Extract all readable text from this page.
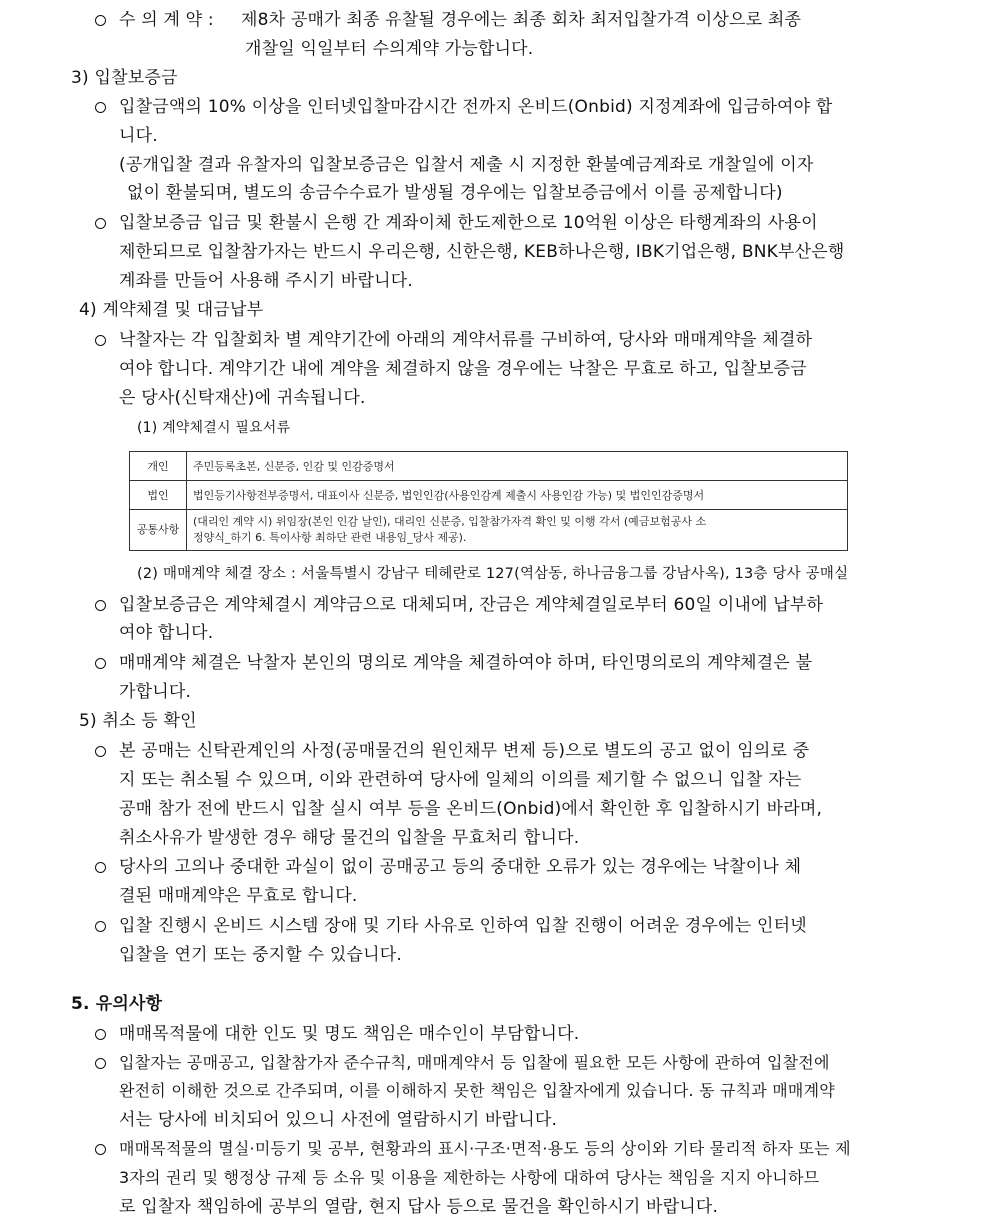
수 의 계 약 : 제8차 공매가 최종 유찰될 경우에는 최종 회차 최저입찰가격 이상으로 최종
개찰일 익일부터 수의계약 가능합니다.
3) 입찰보증금
입찰금액의 10% 이상을 인터넷입찰마감시간 전까지 온비드(Onbid) 지정계좌에 입금하여야 합
니다.
(공개입찰 결과 유찰자의 입찰보증금은 입찰서 제출 시 지정한 환불예금계좌로 개찰일에 이자
없이 환불되며, 별도의 송금수수료가 발생될 경우에는 입찰보증금에서 이를 공제합니다)
입찰보증금 입금 및 환불시 은행 간 계좌이체 한도제한으로 10억원 이상은 타행계좌의 사용이
제한되므로 입찰참가자는 반드시 우리은행, 신한은행, KEB하나은행, IBK기업은행, BNK부산은행
계좌를 만들어 사용해 주시기 바랍니다.
4) 계약체결 및 대금납부
낙찰자는 각 입찰회차 별 계약기간에 아래의 계약서류를 구비하여, 당사와 매매계약을 체결하
여야 합니다. 계약기간 내에 계약을 체결하지 않을 경우에는 낙찰은 무효로 하고, 입찰보증금
은 당사(신탁재산)에 귀속됩니다.
(1) 계약체결시 필요서류
개인	주민등록초본, 신분증, 인감 및 인감증명서
법인	법인등기사항전부증명서, 대표이사 신분증, 법인인감(사용인감계 제출시 사용인감 가능) 및 법인인감증명서
공통사항	(대리인 계약 시) 위임장(본인 인감 날인), 대리인 신분증, 입찰참가자격 확인 및 이행 각서 (예금보험공사 소
정양식_하기 6. 특이사항 최하단 관련 내용임_당사 제공).
(2) 매매계약 체결 장소 : 서울특별시 강남구 테헤란로 127(역삼동, 하나금융그룹 강남사옥), 13층 당사 공매실
입찰보증금은 계약체결시 계약금으로 대체되며, 잔금은 계약체결일로부터 60일 이내에 납부하
여야 합니다.
매매계약 체결은 낙찰자 본인의 명의로 계약을 체결하여야 하며, 타인명의로의 계약체결은 불
가합니다.
5) 취소 등 확인
본 공매는 신탁관계인의 사정(공매물건의 원인채무 변제 등)으로 별도의 공고 없이 임의로 중
지 또는 취소될 수 있으며, 이와 관련하여 당사에 일체의 이의를 제기할 수 없으니 입찰 자는
공매 참가 전에 반드시 입찰 실시 여부 등을 온비드(Onbid)에서 확인한 후 입찰하시기 바라며,
취소사유가 발생한 경우 해당 물건의 입찰을 무효처리 합니다.
당사의 고의나 중대한 과실이 없이 공매공고 등의 중대한 오류가 있는 경우에는 낙찰이나 체
결된 매매계약은 무효로 합니다.
입찰 진행시 온비드 시스템 장애 및 기타 사유로 인하여 입찰 진행이 어려운 경우에는 인터넷
입찰을 연기 또는 중지할 수 있습니다.
5. 유의사항
매매목적물에 대한 인도 및 명도 책임은 매수인이 부담합니다.
입찰자는 공매공고, 입찰참가자 준수규칙, 매매계약서 등 입찰에 필요한 모든 사항에 관하여 입찰전에
완전히 이해한 것으로 간주되며, 이를 이해하지 못한 책임은 입찰자에게 있습니다. 동 규칙과 매매계약
서는 당사에 비치되어 있으니 사전에 열람하시기 바랍니다.
매매목적물의 멸실·미등기 및 공부, 현황과의 표시·구조·면적·용도 등의 상이와 기타 물리적 하자 또는 제
3자의 권리 및 행정상 규제 등 소유 및 이용을 제한하는 사항에 대하여 당사는 책임을 지지 아니하므
로 입찰자 책임하에 공부의 열람, 현지 답사 등으로 물건을 확인하시기 바랍니다.
